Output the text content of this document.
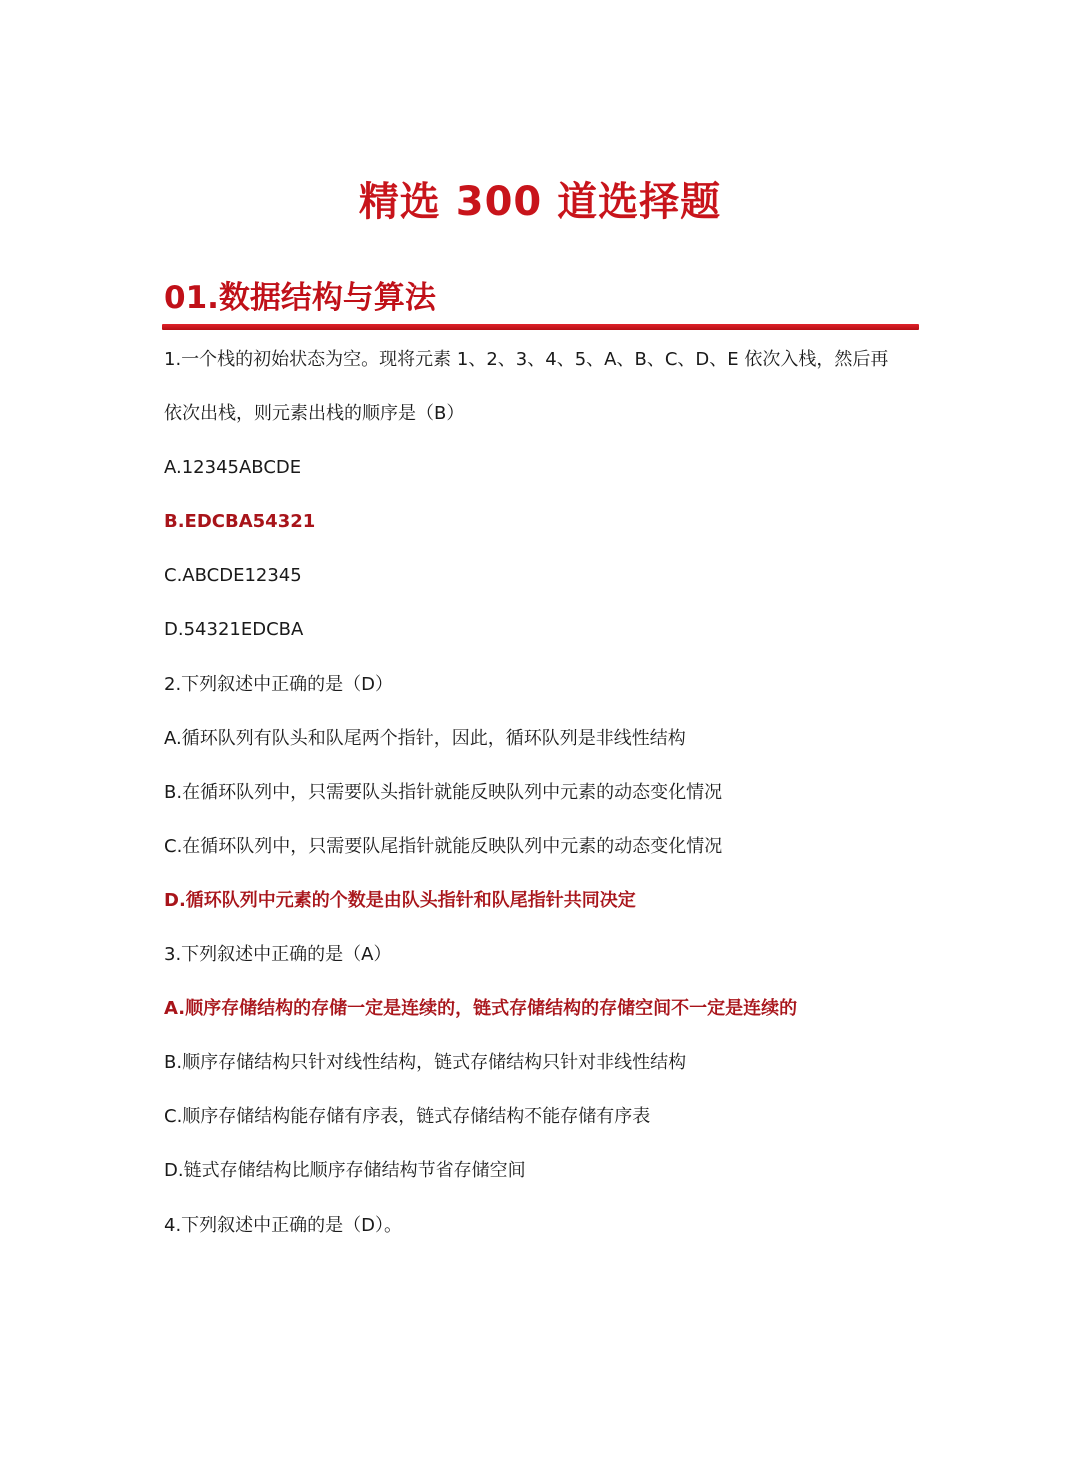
精选 300 道选择题
01.数据结构与算法
1.一个栈的初始状态为空。现将元素 1、2、3、4、5、A、B、C、D、E 依次入栈，然后再
依次出栈，则元素出栈的顺序是（B）
A.12345ABCDE
B.EDCBA54321
C.ABCDE12345
D.54321EDCBA
2.下列叙述中正确的是（D）
A.循环队列有队头和队尾两个指针，因此，循环队列是非线性结构
B.在循环队列中，只需要队头指针就能反映队列中元素的动态变化情况
C.在循环队列中，只需要队尾指针就能反映队列中元素的动态变化情况
D.循环队列中元素的个数是由队头指针和队尾指针共同决定
3.下列叙述中正确的是（A）
A.顺序存储结构的存储一定是连续的，链式存储结构的存储空间不一定是连续的
B.顺序存储结构只针对线性结构，链式存储结构只针对非线性结构
C.顺序存储结构能存储有序表，链式存储结构不能存储有序表
D.链式存储结构比顺序存储结构节省存储空间
4.下列叙述中正确的是（D）。
